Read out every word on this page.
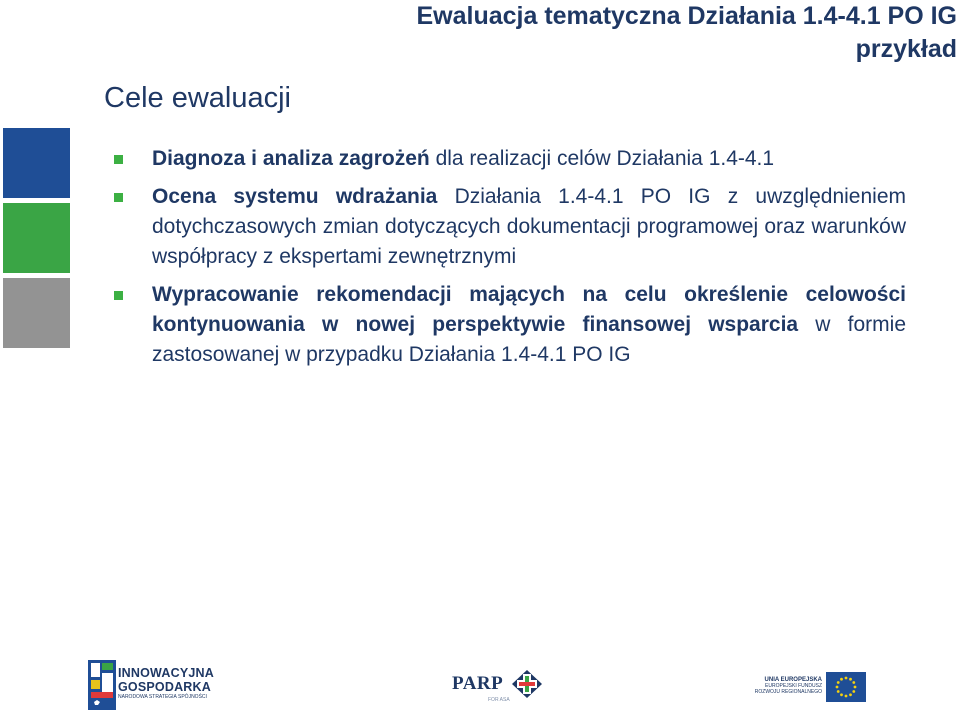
Ewaluacja tematyczna Działania 1.4-4.1 PO IG
przykład
Cele ewaluacji

Diagnoza i analiza zagrożeń dla realizacji celów Działania 1.4-4.1

Ocena systemu wdrażania Działania 1.4-4.1 PO IG z uwzględnieniem dotychczasowych zmian dotyczących dokumentacji programowej oraz warunków współpracy z ekspertami zewnętrznymi

Wypracowanie rekomendacji mających na celu określenie celowości kontynuowania w nowej perspektywie finansowej wsparcia w formie zastosowanej w przypadku Działania 1.4-4.1 PO IG

INNOWACYJNA
GOSPODARKA
NARODOWA STRATEGIA SPÓJNOŚCI
PARP
FOR ASA
UNIA EUROPEJSKA
EUROPEJSKI FUNDUSZ
ROZWOJU REGIONALNEGO
